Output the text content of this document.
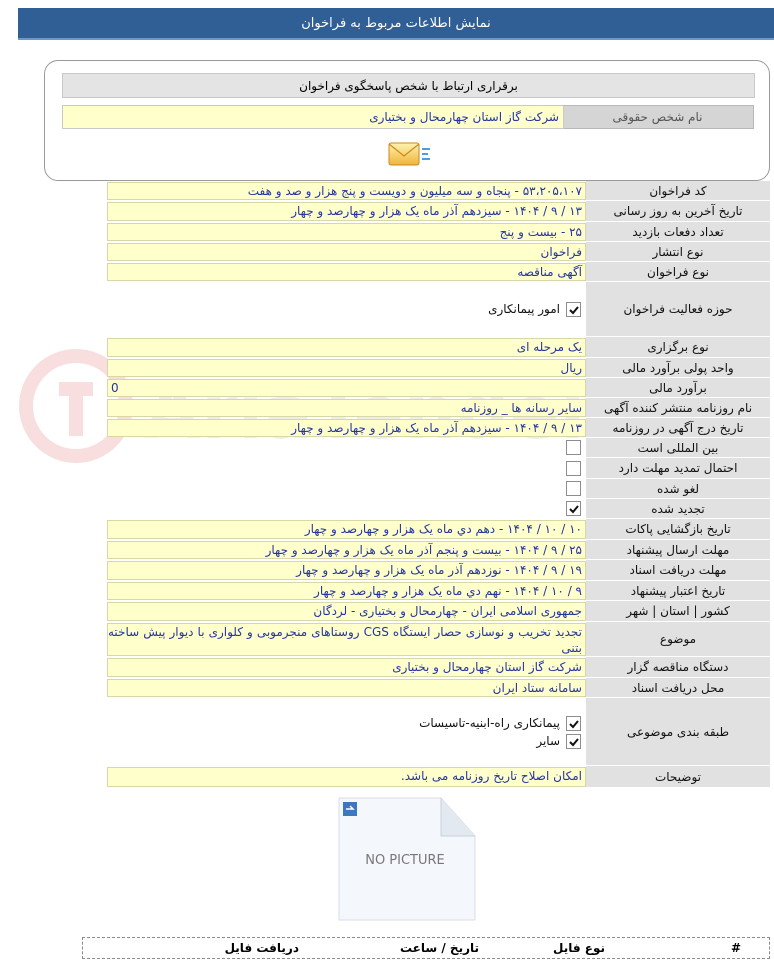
نمایش اطلاعات مربوط به فراخوان
برقراری ارتباط با شخص پاسخگوی فراخوان
نام شخص حقوقی
شرکت گاز استان چهارمحال و بختیاری
کد فراخوان
۵۳،۲۰۵،۱۰۷ - پنجاه و سه میلیون و دویست و پنج هزار و صد و هفت
تاریخ آخرین به روز رسانی
۱۳ / ۹ / ۱۴۰۴ - سیزدهم آذر ماه یک هزار و چهارصد و چهار
تعداد دفعات بازدید
۲۵ - بیست و پنج
نوع انتشار
فراخوان
نوع فراخوان
آگهی مناقصه
حوزه فعالیت فراخوان
امور پیمانکاری
نوع برگزاری
یک مرحله ای
واحد پولی برآورد مالی
ریال
برآورد مالی
0
نام روزنامه منتشر کننده آگهی
سایر رسانه ها _ روزنامه
تاریخ درج آگهی در روزنامه
۱۳ / ۹ / ۱۴۰۴ - سیزدهم آذر ماه یک هزار و چهارصد و چهار
بین المللی است
احتمال تمدید مهلت دارد
لغو شده
تجدید شده
تاریخ بازگشایی پاکات
۱۰ / ۱۰ / ۱۴۰۴ - دهم دي ماه یک هزار و چهارصد و چهار
مهلت ارسال پیشنهاد
۲۵ / ۹ / ۱۴۰۴ - بیست و پنجم آذر ماه یک هزار و چهارصد و چهار
مهلت دریافت اسناد
۱۹ / ۹ / ۱۴۰۴ - نوزدهم آذر ماه یک هزار و چهارصد و چهار
تاریخ اعتبار پیشنهاد
۹ / ۱۰ / ۱۴۰۴ - نهم دي ماه یک هزار و چهارصد و چهار
کشور | استان | شهر
جمهوری اسلامی ایران - چهارمحال و بختیاری - لردگان
موضوع
تجدید تخریب و نوسازی حصار ایستگاه CGS روستاهای منجرموبی و کلواری با دیوار پیش ساخته بتنی
دستگاه مناقصه گزار
شرکت گاز استان چهارمحال و بختیاری
محل دریافت اسناد
سامانه ستاد ایران
طبقه بندی موضوعی
پیمانکاری راه-ابنیه-تاسیسات
سایر
توضیحات
امکان اصلاح تاریخ روزنامه می باشد.
NO PICTURE
#
نوع فایل
تاریخ / ساعت
دریافت فایل
